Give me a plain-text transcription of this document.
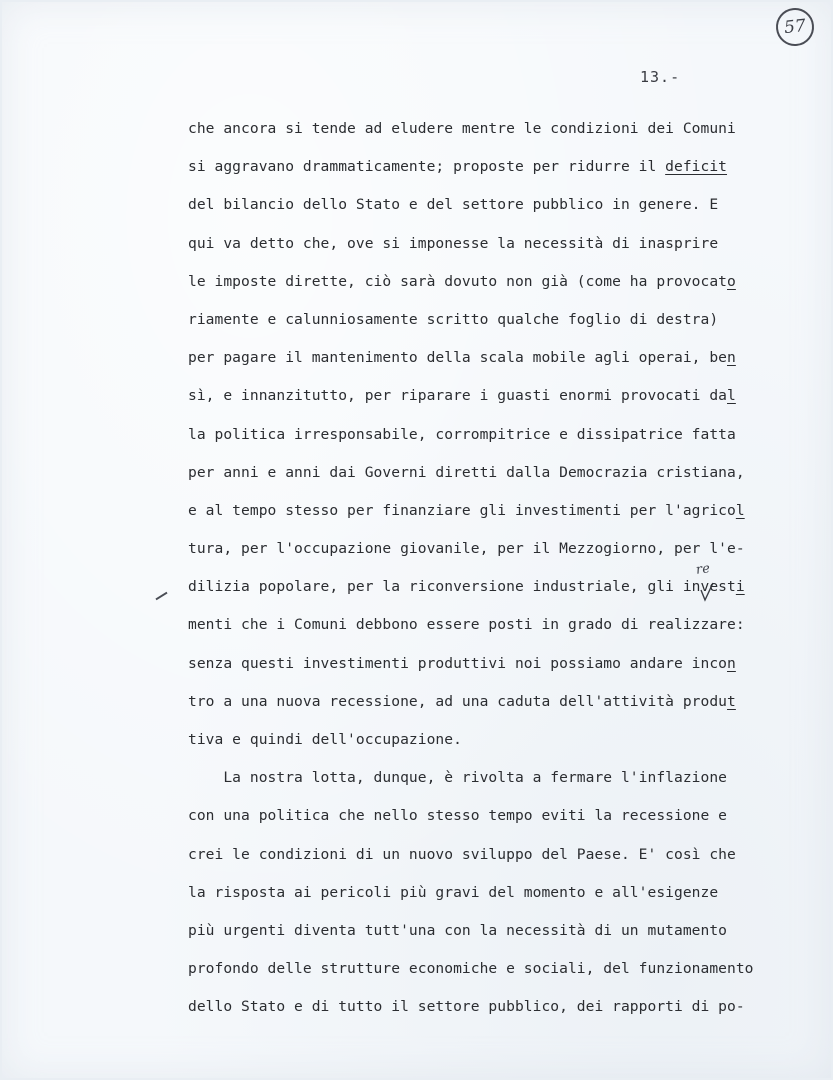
57
13.-
re
che ancora si tende ad eludere mentre le condizioni dei Comuni
si aggravano drammaticamente; proposte per ridurre il deficit
del bilancio dello Stato e del settore pubblico in genere. E
qui va detto che, ove si imponesse la necessità di inasprire
le imposte dirette, ciò sarà dovuto non già (come ha provocato
riamente e calunniosamente scritto qualche foglio di destra)
per pagare il mantenimento della scala mobile agli operai, ben
sì, e innanzitutto, per riparare i guasti enormi provocati dal
la politica irresponsabile, corrompitrice e dissipatrice fatta
per anni e anni dai Governi diretti dalla Democrazia cristiana,
e al tempo stesso per finanziare gli investimenti per l'agricol
tura, per l'occupazione giovanile, per il Mezzogiorno, per l'e-
dilizia popolare, per la riconversione industriale, gli investi
menti che i Comuni debbono essere posti in grado di realizzare:
senza questi investimenti produttivi noi possiamo andare incon
tro a una nuova recessione, ad una caduta dell'attività produt
tiva e quindi dell'occupazione.
La nostra lotta, dunque, è rivolta a fermare l'inflazione
con una politica che nello stesso tempo eviti la recessione e
crei le condizioni di un nuovo sviluppo del Paese. E' così che
la risposta ai pericoli più gravi del momento e all'esigenze
più urgenti diventa tutt'una con la necessità di un mutamento
profondo delle strutture economiche e sociali, del funzionamento
dello Stato e di tutto il settore pubblico, dei rapporti di po-
